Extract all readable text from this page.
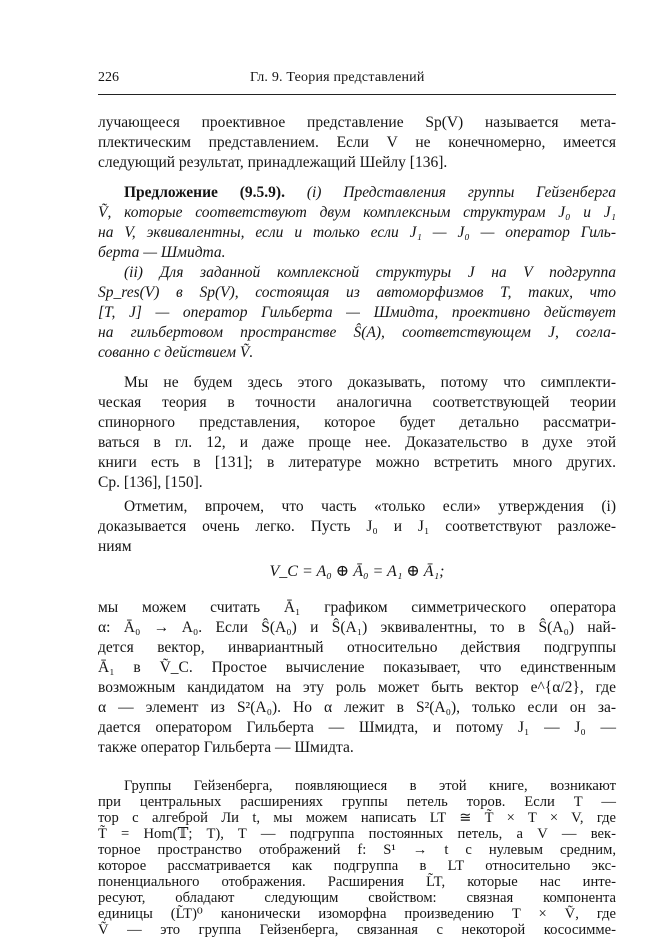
226	Гл. 9. Теория представлений
лучающееся проективное представление Sp(V) называется мета-
плектическим представлением. Если V не конечномерно, имеется
следующий результат, принадлежащий Шейлу [136].
Предложение (9.5.9). (i) Представления группы Гейзенберга
Ṽ, которые соответствуют двум комплексным структурам J₀ и J₁
на V, эквивалентны, если и только если J₁ — J₀ — оператор Гиль-
берта — Шмидта.
(ii) Для заданной комплексной структуры J на V подгруппа
Sp_res(V) в Sp(V), состоящая из автоморфизмов T, таких, что
[T, J] — оператор Гильберта — Шмидта, проективно действует
на гильбертовом пространстве Ŝ(A), соответствующем J, согла-
сованно с действием Ṽ.
Мы не будем здесь этого доказывать, потому что симплекти-
ческая теория в точности аналогична соответствующей теории
спинорного представления, которое будет детально рассматри-
ваться в гл. 12, и даже проще нее. Доказательство в духе этой
книги есть в [131]; в литературе можно встретить много других.
Ср. [136], [150].
Отметим, впрочем, что часть «только если» утверждения (i)
доказывается очень легко. Пусть J₀ и J₁ соответствуют разложе-
ниям
V_C = A₀ ⊕ Ā₀ = A₁ ⊕ Ā₁;
мы можем считать Ā₁ графиком симметрического оператора
α: Ā₀ → A₀. Если Ŝ(A₀) и Ŝ(A₁) эквивалентны, то в Ŝ(A₀) най-
дется вектор, инвариантный относительно действия подгруппы
Ā₁ в Ṽ_C. Простое вычисление показывает, что единственным
возможным кандидатом на эту роль может быть вектор e^{α/2}, где
α — элемент из S²(A₀). Но α лежит в S²(A₀), только если он за-
дается оператором Гильберта — Шмидта, и потому J₁ — J₀ —
также оператор Гильберта — Шмидта.
Группы Гейзенберга, появляющиеся в этой книге, возникают
при центральных расширениях группы петель торов. Если T —
тор с алгеброй Ли t, мы можем написать LT ≅ T̃ × T × V, где
T̃ = Hom(𝕋; T), T — подгруппа постоянных петель, а V — век-
торное пространство отображений f: S¹ → t с нулевым средним,
которое рассматривается как подгруппа в LT относительно экс-
поненциального отображения. Расширения L̃T, которые нас инте-
ресуют, обладают следующим свойством: связная компонента
единицы (L̃T)⁰ канонически изоморфна произведению T × Ṽ, где
Ṽ — это группа Гейзенберга, связанная с некоторой кососимме-
